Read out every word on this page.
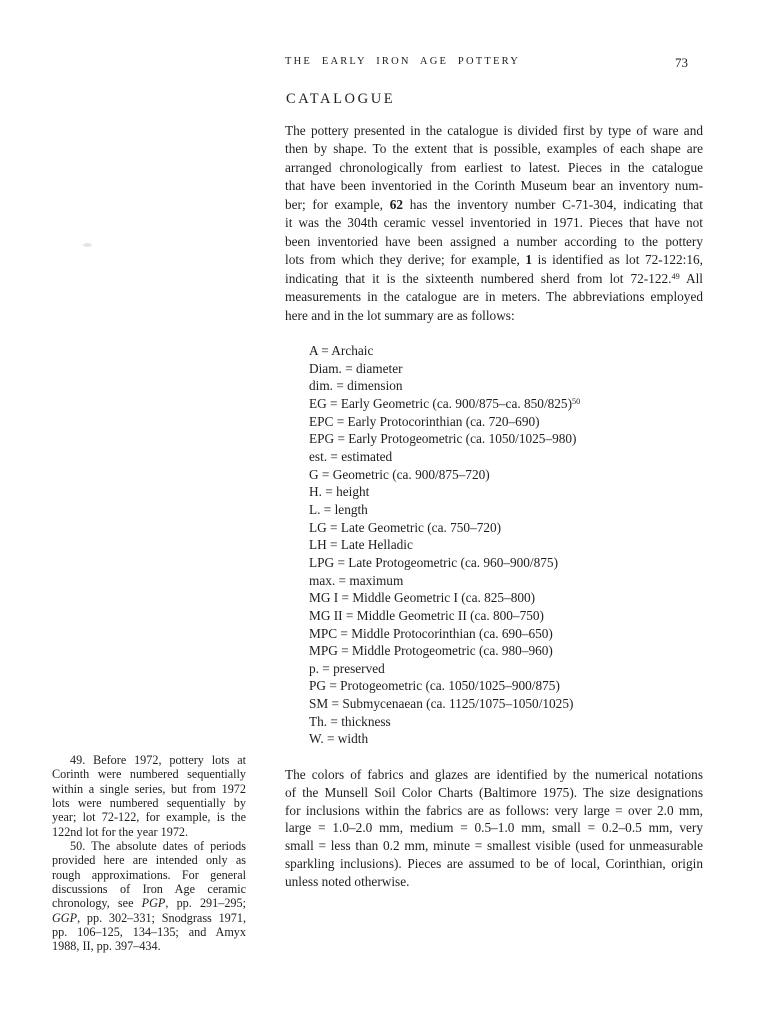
THE EARLY IRON AGE POTTERY	73
CATALOGUE
The pottery presented in the catalogue is divided first by type of ware and
then by shape. To the extent that is possible, examples of each shape are
arranged chronologically from earliest to latest. Pieces in the catalogue
that have been inventoried in the Corinth Museum bear an inventory num-
ber; for example, 62 has the inventory number C-71-304, indicating that
it was the 304th ceramic vessel inventoried in 1971. Pieces that have not
been inventoried have been assigned a number according to the pottery
lots from which they derive; for example, 1 is identified as lot 72-122:16,
indicating that it is the sixteenth numbered sherd from lot 72-122.49 All
measurements in the catalogue are in meters. The abbreviations employed
here and in the lot summary are as follows:
A = Archaic
Diam. = diameter
dim. = dimension
EG = Early Geometric (ca. 900/875–ca. 850/825)$^{50}$
EPC = Early Protocorinthian (ca. 720–690)
EPG = Early Protogeometric (ca. 1050/1025–980)
est. = estimated
G = Geometric (ca. 900/875–720)
H. = height
L. = length
LG = Late Geometric (ca. 750–720)
LH = Late Helladic
LPG = Late Protogeometric (ca. 960–900/875)
max. = maximum
MG I = Middle Geometric I (ca. 825–800)
MG II = Middle Geometric II (ca. 800–750)
MPC = Middle Protocorinthian (ca. 690–650)
MPG = Middle Protogeometric (ca. 980–960)
p. = preserved
PG = Protogeometric (ca. 1050/1025–900/875)
SM = Submycenaean (ca. 1125/1075–1050/1025)
Th. = thickness
W. = width
The colors of fabrics and glazes are identified by the numerical notations
of the Munsell Soil Color Charts (Baltimore 1975). The size designations
for inclusions within the fabrics are as follows: very large = over 2.0 mm,
large = 1.0–2.0 mm, medium = 0.5–1.0 mm, small = 0.2–0.5 mm, very
small = less than 0.2 mm, minute = smallest visible (used for unmeasurable
sparkling inclusions). Pieces are assumed to be of local, Corinthian, origin
unless noted otherwise.
49. Before 1972, pottery lots at
Corinth were numbered sequentially
within a single series, but from 1972
lots were numbered sequentially by
year; lot 72-122, for example, is the
122nd lot for the year 1972.
50. The absolute dates of periods
provided here are intended only as
rough approximations. For general
discussions of Iron Age ceramic
chronology, see PGP, pp. 291–295;
GGP, pp. 302–331; Snodgrass 1971,
pp. 106–125, 134–135; and Amyx
1988, II, pp. 397–434.
